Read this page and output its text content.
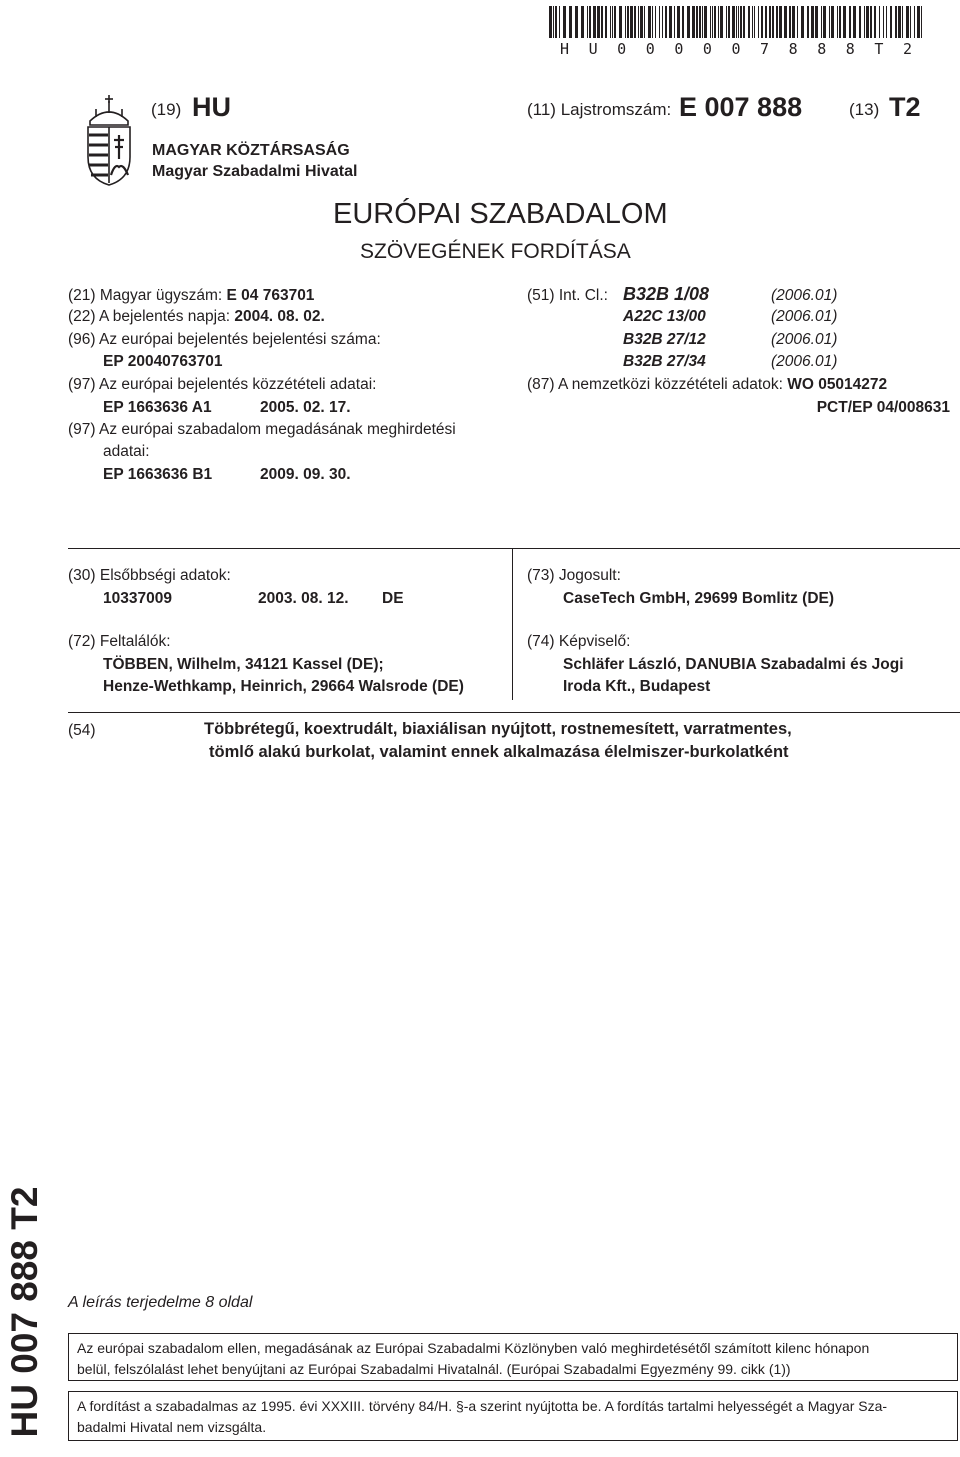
H U 0 0 0 0 0 7 8 8 8 T 2
(19) HU	(11) Lajstromszám: E 007 888	(13) T2
MAGYAR KÖZTÁRSASÁG
Magyar Szabadalmi Hivatal
EURÓPAI SZABADALOM
SZÖVEGÉNEK FORDÍTÁSA
(21) Magyar ügyszám: E 04 763701
(22) A bejelentés napja: 2004. 08. 02.
(96) Az európai bejelentés bejelentési száma:
EP 20040763701
(97) Az európai bejelentés közzétételi adatai:
EP 1663636 A1	2005. 02. 17.
(97) Az európai szabadalom megadásának meghirdetési
adatai:
EP 1663636 B1	2009. 09. 30.
(51) Int. Cl.: B32B 1/08	(2006.01)
A22C 13/00	(2006.01)
B32B 27/12	(2006.01)
B32B 27/34	(2006.01)
(87) A nemzetközi közzétételi adatok: WO 05014272
PCT/EP 04/008631
(30) Elsőbbségi adatok:
10337009	2003. 08. 12. DE
(72) Feltalálók:
TÖBBEN, Wilhelm, 34121 Kassel (DE);
Henze-Wethkamp, Heinrich, 29664 Walsrode (DE)
(73) Jogosult:
CaseTech GmbH, 29699 Bomlitz (DE)
(74) Képviselő:
Schläfer László, DANUBIA Szabadalmi és Jogi
Iroda Kft., Budapest
(54)	Többrétegű, koextrudált, biaxiálisan nyújtott, rostnemesített, varratmentes,
tömlő alakú burkolat, valamint ennek alkalmazása élelmiszer-burkolatként
HU 007 888 T2 A leírás terjedelme 8 oldal
Az európai szabadalom ellen, megadásának az Európai Szabadalmi Közlönyben való meghirdetésétől számított kilenc hónapon
belül, felszólalást lehet benyújtani az Európai Szabadalmi Hivatalnál. (Európai Szabadalmi Egyezmény 99. cikk (1))
A fordítást a szabadalmas az 1995. évi XXXIII. törvény 84/H. §-a szerint nyújtotta be. A fordítás tartalmi helyességét a Magyar Sza-
badalmi Hivatal nem vizsgálta.
